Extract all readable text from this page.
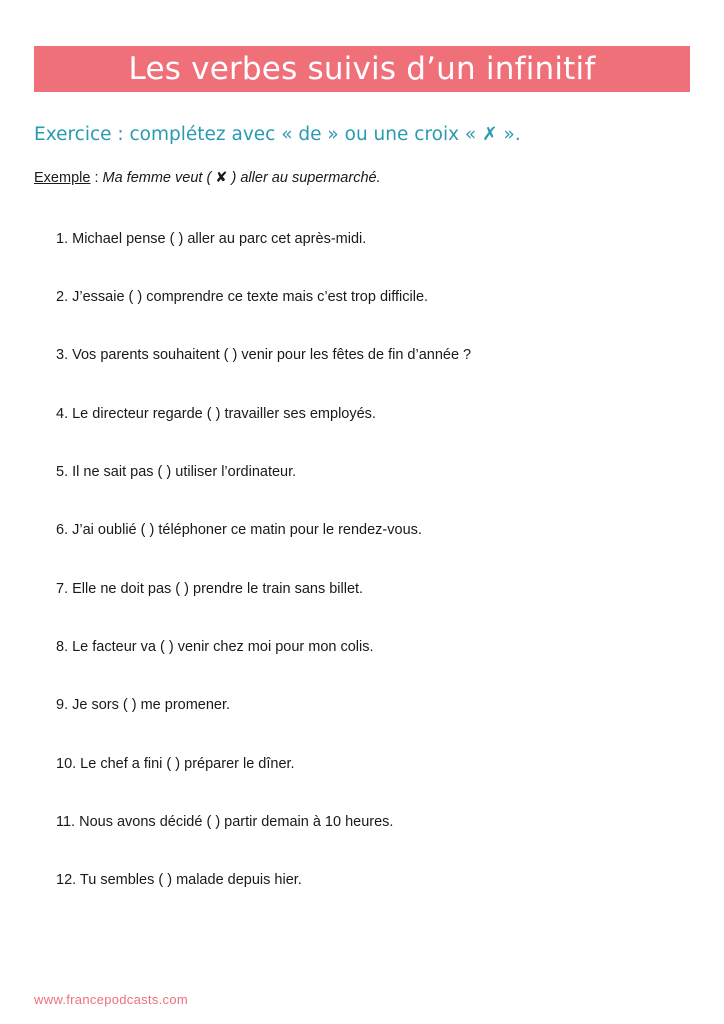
Les verbes suivis d’un infinitif
Exercice : complétez avec « de » ou une croix « ✗ ».
Exemple : Ma femme veut ( ✘ ) aller au supermarché.
1. Michael pense ( ) aller au parc cet après-midi.
2. J’essaie ( ) comprendre ce texte mais c’est trop difficile.
3. Vos parents souhaitent ( ) venir pour les fêtes de fin d’année ?
4. Le directeur regarde ( ) travailler ses employés.
5. Il ne sait pas ( ) utiliser l’ordinateur.
6. J’ai oublié ( ) téléphoner ce matin pour le rendez-vous.
7. Elle ne doit pas ( ) prendre le train sans billet.
8. Le facteur va ( ) venir chez moi pour mon colis.
9. Je sors ( ) me promener.
10. Le chef a fini ( ) préparer le dîner.
11. Nous avons décidé ( ) partir demain à 10 heures.
12. Tu sembles ( ) malade depuis hier.
www.francepodcasts.com
